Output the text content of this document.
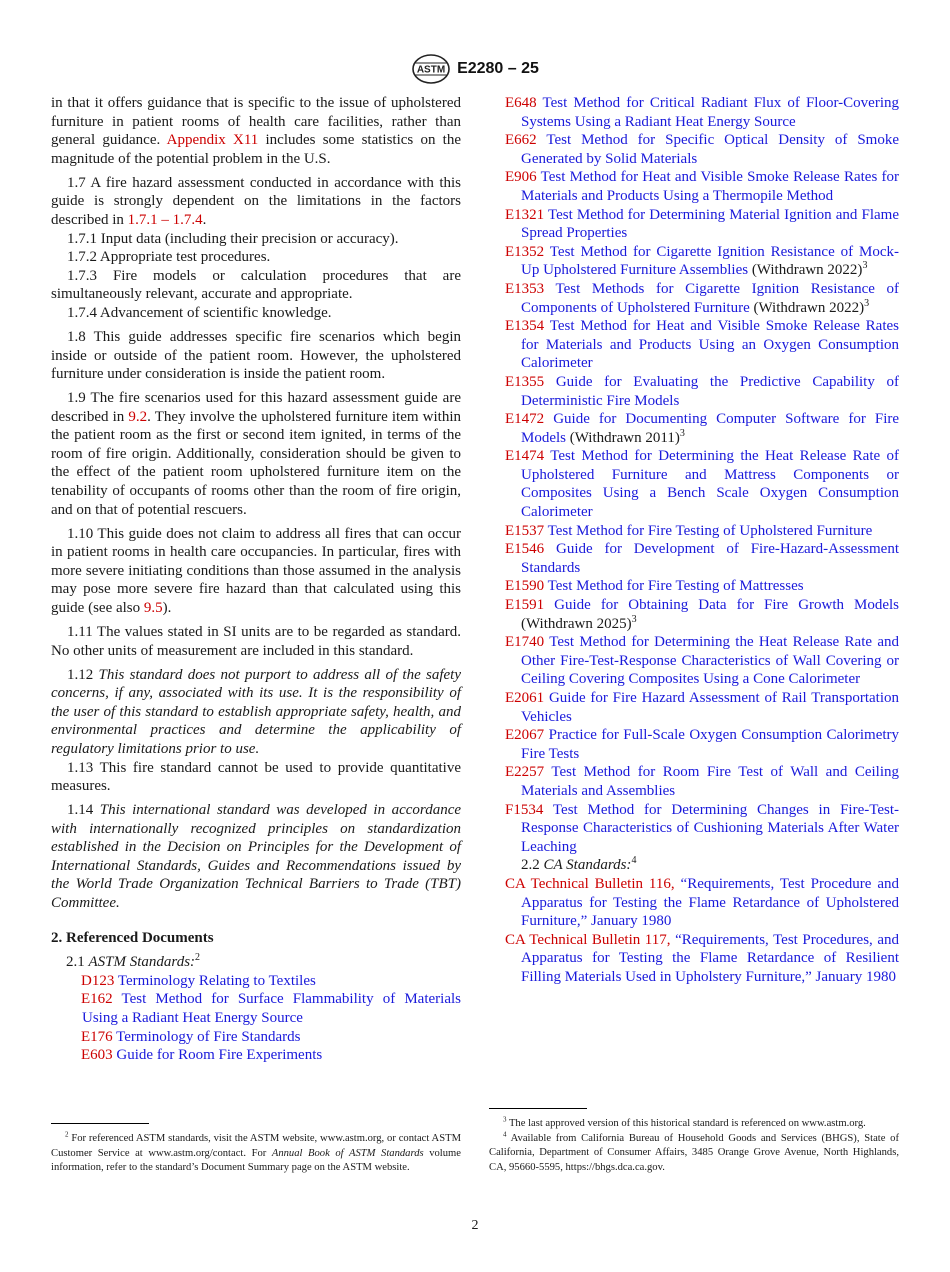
ASTM E2280 – 25

in that it offers guidance that is specific to the issue of upholstered furniture in patient rooms of health care facilities, rather than general guidance. Appendix X11 includes some statistics on the magnitude of the potential problem in the U.S.

1.7 A fire hazard assessment conducted in accordance with this guide is strongly dependent on the limitations in the factors described in 1.7.1 – 1.7.4.

1.7.1 Input data (including their precision or accuracy).

1.7.2 Appropriate test procedures.

1.7.3 Fire models or calculation procedures that are simultaneously relevant, accurate and appropriate.

1.7.4 Advancement of scientific knowledge.

1.8 This guide addresses specific fire scenarios which begin inside or outside of the patient room. However, the upholstered furniture under consideration is inside the patient room.

1.9 The fire scenarios used for this hazard assessment guide are described in 9.2. They involve the upholstered furniture item within the patient room as the first or second item ignited, in terms of the room of fire origin. Additionally, consideration should be given to the effect of the patient room upholstered furniture item on the tenability of occupants of rooms other than the room of fire origin, and on that of potential rescuers.

1.10 This guide does not claim to address all fires that can occur in patient rooms in health care occupancies. In particular, fires with more severe initiating conditions than those assumed in the analysis may pose more severe fire hazard than that calculated using this guide (see also 9.5).

1.11 The values stated in SI units are to be regarded as standard. No other units of measurement are included in this standard.

1.12 This standard does not purport to address all of the safety concerns, if any, associated with its use. It is the responsibility of the user of this standard to establish appropriate safety, health, and environmental practices and determine the applicability of regulatory limitations prior to use.

1.13 This fire standard cannot be used to provide quantitative measures.

1.14 This international standard was developed in accordance with internationally recognized principles on standardization established in the Decision on Principles for the Development of International Standards, Guides and Recommendations issued by the World Trade Organization Technical Barriers to Trade (TBT) Committee.

2. Referenced Documents

2.1 ASTM Standards:$^2$

D123 Terminology Relating to Textiles

E162 Test Method for Surface Flammability of Materials Using a Radiant Heat Energy Source

E176 Terminology of Fire Standards

E603 Guide for Room Fire Experiments

E648 Test Method for Critical Radiant Flux of Floor-Covering Systems Using a Radiant Heat Energy Source

E662 Test Method for Specific Optical Density of Smoke Generated by Solid Materials

E906 Test Method for Heat and Visible Smoke Release Rates for Materials and Products Using a Thermopile Method

E1321 Test Method for Determining Material Ignition and Flame Spread Properties

E1352 Test Method for Cigarette Ignition Resistance of Mock-Up Upholstered Furniture Assemblies (Withdrawn 2022)$^3$

E1353 Test Methods for Cigarette Ignition Resistance of Components of Upholstered Furniture (Withdrawn 2022)$^3$

E1354 Test Method for Heat and Visible Smoke Release Rates for Materials and Products Using an Oxygen Consumption Calorimeter

E1355 Guide for Evaluating the Predictive Capability of Deterministic Fire Models

E1472 Guide for Documenting Computer Software for Fire Models (Withdrawn 2011)$^3$

E1474 Test Method for Determining the Heat Release Rate of Upholstered Furniture and Mattress Components or Composites Using a Bench Scale Oxygen Consumption Calorimeter

E1537 Test Method for Fire Testing of Upholstered Furniture

E1546 Guide for Development of Fire-Hazard-Assessment Standards

E1590 Test Method for Fire Testing of Mattresses

E1591 Guide for Obtaining Data for Fire Growth Models (Withdrawn 2025)$^3$

E1740 Test Method for Determining the Heat Release Rate and Other Fire-Test-Response Characteristics of Wall Covering or Ceiling Covering Composites Using a Cone Calorimeter

E2061 Guide for Fire Hazard Assessment of Rail Transportation Vehicles

E2067 Practice for Full-Scale Oxygen Consumption Calorimetry Fire Tests

E2257 Test Method for Room Fire Test of Wall and Ceiling Materials and Assemblies

F1534 Test Method for Determining Changes in Fire-Test-Response Characteristics of Cushioning Materials After Water Leaching

2.2 CA Standards:$^4$

CA Technical Bulletin 116, “Requirements, Test Procedure and Apparatus for Testing the Flame Retardance of Upholstered Furniture,” January 1980

CA Technical Bulletin 117, “Requirements, Test Procedures, and Apparatus for Testing the Flame Retardance of Resilient Filling Materials Used in Upholstery Furniture,” January 1980

$^2$ For referenced ASTM standards, visit the ASTM website, www.astm.org, or contact ASTM Customer Service at www.astm.org/contact. For Annual Book of ASTM Standards volume information, refer to the standard’s Document Summary page on the ASTM website.

$^3$ The last approved version of this historical standard is referenced on www.astm.org.

$^4$ Available from California Bureau of Household Goods and Services (BHGS), State of California, Department of Consumer Affairs, 3485 Orange Grove Avenue, North Highlands, CA, 95660-5595, https://bhgs.dca.ca.gov.

2
